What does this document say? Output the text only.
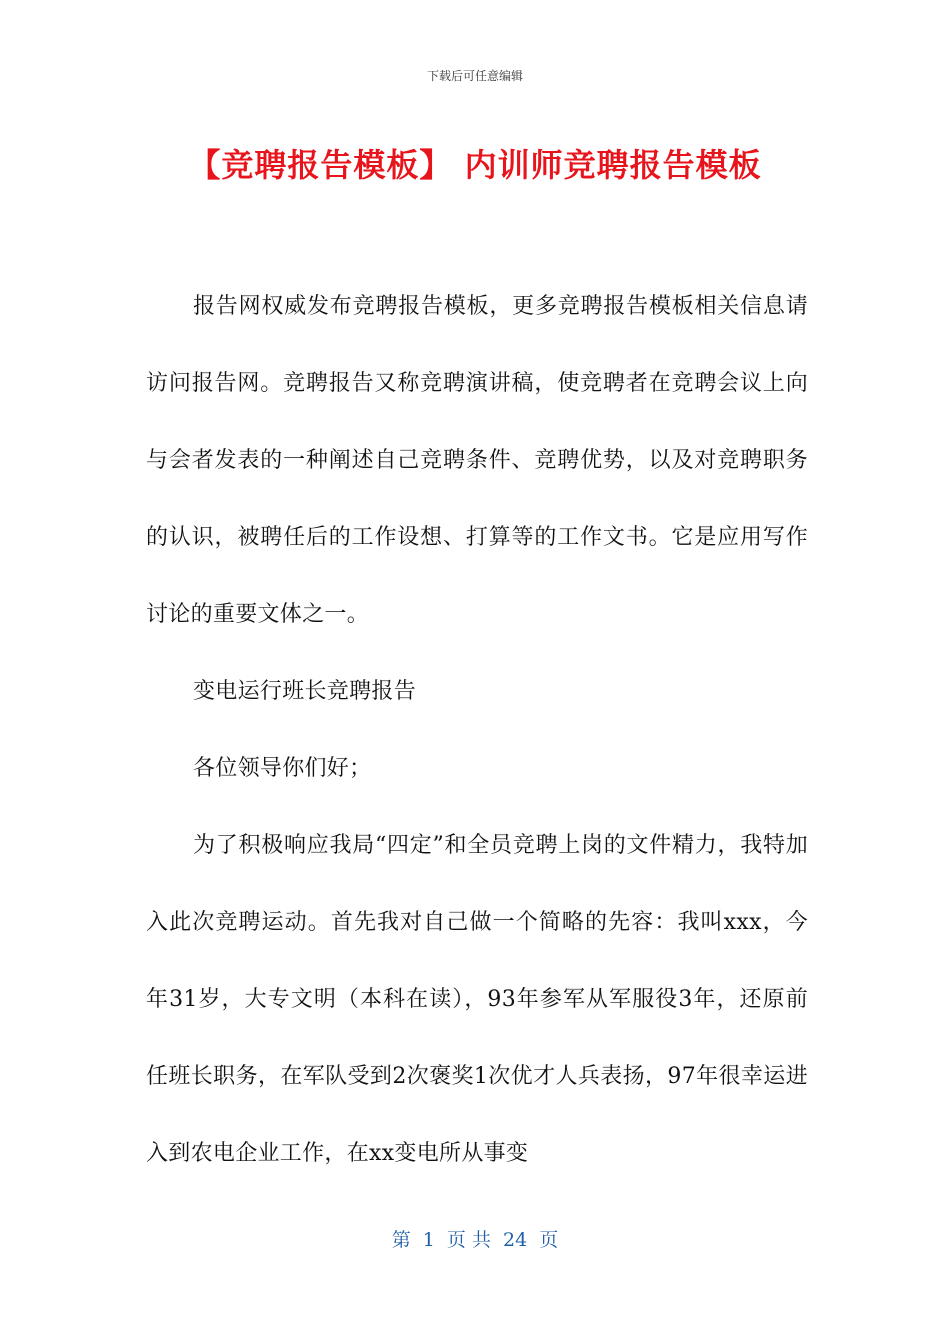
下载后可任意编辑
【竞聘报告模板】 内训师竞聘报告模板

报告网权威发布竞聘报告模板，更多竞聘报告模板相关信息请访问报告网。竞聘报告又称竞聘演讲稿，使竞聘者在竞聘会议上向与会者发表的一种阐述自己竞聘条件、竞聘优势，以及对竞聘职务的认识，被聘任后的工作设想、打算等的工作文书。它是应用写作讨论的重要文体之一。

变电运行班长竞聘报告

各位领导你们好；

为了积极响应我局“四定”和全员竞聘上岗的文件精力，我特加入此次竞聘运动。首先我对自己做一个简略的先容：我叫xxx，今年31岁，大专文明（本科在读），93年参军从军服役3年，还原前任班长职务，在军队受到2次褒奖1次优才人兵表扬，97年很幸运进入到农电企业工作，在xx变电所从事变

第  1  页 共  24  页
